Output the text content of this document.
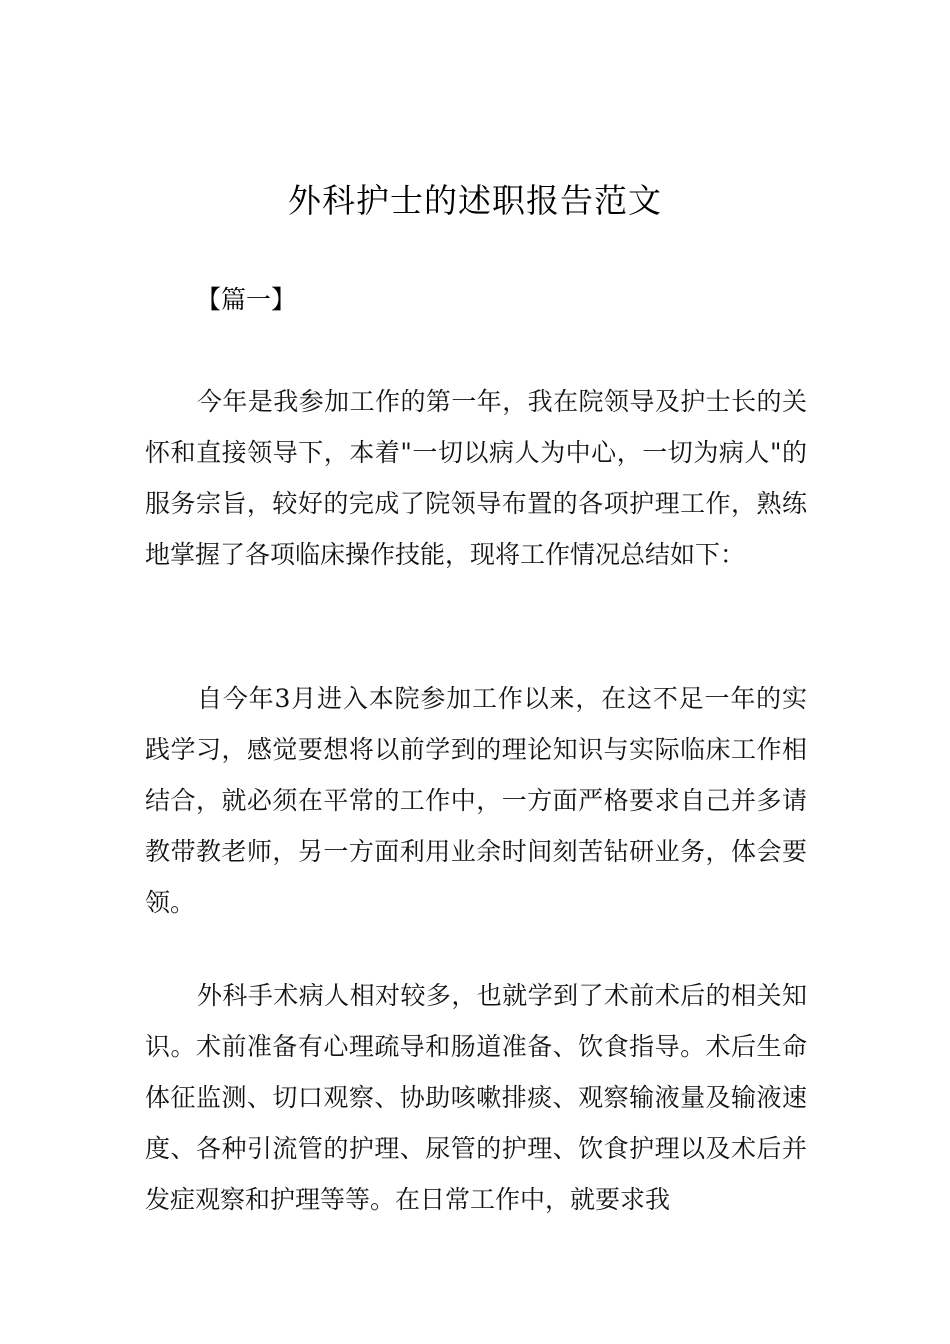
外科护士的述职报告范文
【篇一】

今年是我参加工作的第一年，我在院领导及护士长的关怀和直接领导下，本着"一切以病人为中心，一切为病人"的服务宗旨，较好的完成了院领导布置的各项护理工作，熟练地掌握了各项临床操作技能，现将工作情况总结如下：

自今年3月进入本院参加工作以来，在这不足一年的实践学习，感觉要想将以前学到的理论知识与实际临床工作相结合，就必须在平常的工作中，一方面严格要求自己并多请教带教老师，另一方面利用业余时间刻苦钻研业务，体会要领。

外科手术病人相对较多，也就学到了术前术后的相关知识。术前准备有心理疏导和肠道准备、饮食指导。术后生命体征监测、切口观察、协助咳嗽排痰、观察输液量及输液速度、各种引流管的护理、尿管的护理、饮食护理以及术后并发症观察和护理等等。在日常工作中，就要求我
